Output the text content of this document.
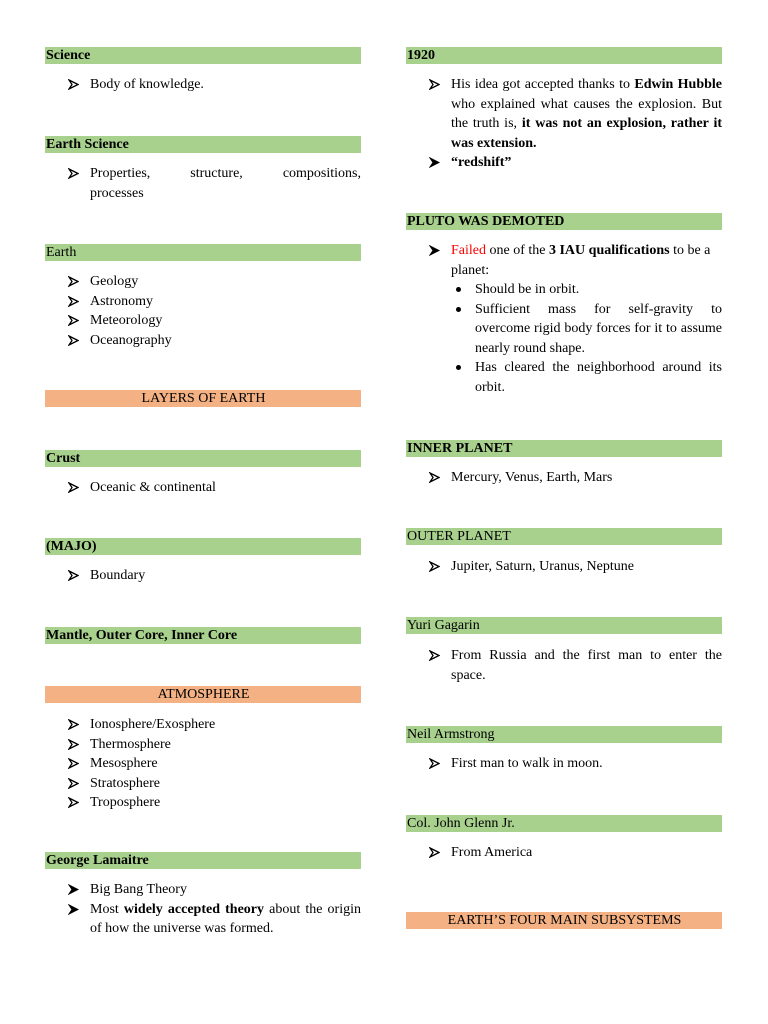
Science
Body of knowledge.
Earth Science
Properties,        structure,        compositions,
processes
Earth
Geology
Astronomy
Meteorology
Oceanography
LAYERS OF EARTH
Crust
Oceanic & continental
(MAJO)
Boundary
Mantle, Outer Core, Inner Core
ATMOSPHERE
Ionosphere/Exosphere
Thermosphere
Mesosphere
Stratosphere
Troposphere
George Lamaitre
Big Bang Theory
Most widely accepted theory about the origin of how the universe was formed.
1920
His idea got accepted thanks to Edwin Hubble who explained what causes the explosion. But the truth is, it was not an explosion, rather it was extension.
“redshift”
PLUTO WAS DEMOTED
Failed one of the 3 IAU qualifications to be a planet:
Should be in orbit.
Sufficient mass for self-gravity to overcome rigid body forces for it to assume nearly round shape.
Has cleared the neighborhood around its orbit.
INNER PLANET
Mercury, Venus, Earth, Mars
OUTER PLANET
Jupiter, Saturn, Uranus, Neptune
Yuri Gagarin
From Russia and the first man to enter the space.
Neil Armstrong
First man to walk in moon.
Col. John Glenn Jr.
From America
EARTH’S FOUR MAIN SUBSYSTEMS
